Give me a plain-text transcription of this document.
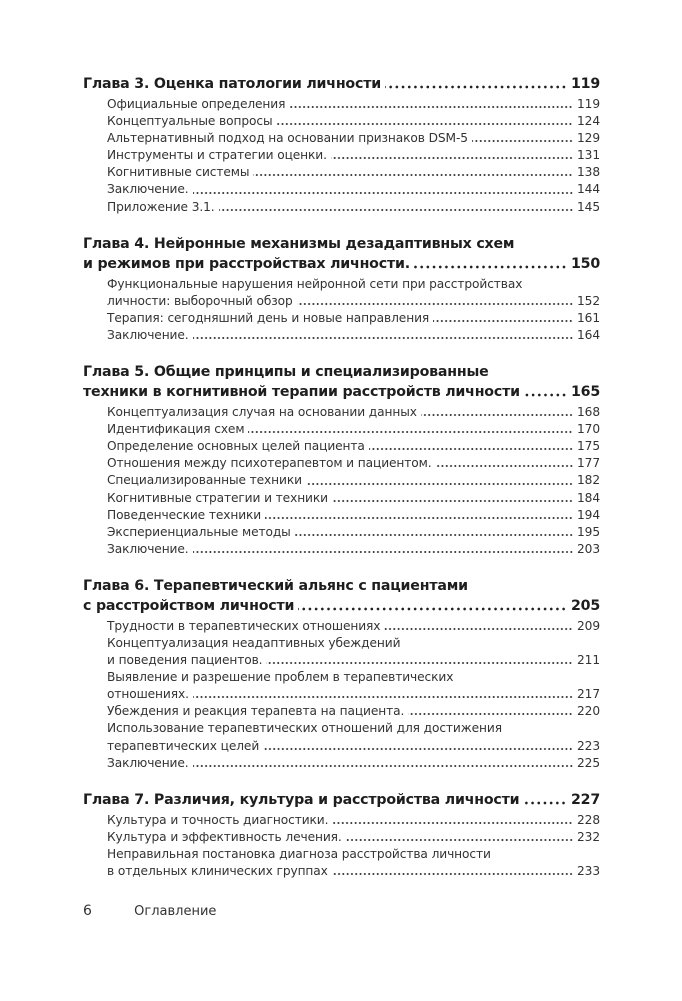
Глава 3. Оценка патологии личности	119
Официальные определения	119
Концептуальные вопросы	124
Альтернативный подход на основании признаков DSM-5	129
Инструменты и стратегии оценки.	131
Когнитивные системы	138
Заключение.	144
Приложение 3.1.	145
Глава 4. Нейронные механизмы дезадаптивных схем
и режимов при расстройствах личности.	150
Функциональные нарушения нейронной сети при расстройствах
личности: выборочный обзор	152
Терапия: сегодняшний день и новые направления	161
Заключение.	164
Глава 5. Общие принципы и специализированные
техники в когнитивной терапии расстройств личности	165
Концептуализация случая на основании данных	168
Идентификация схем	170
Определение основных целей пациента	175
Отношения между психотерапевтом и пациентом.	177
Специализированные техники	182
Когнитивные стратегии и техники	184
Поведенческие техники	194
Экспериенциальные методы	195
Заключение.	203
Глава 6. Терапевтический альянс с пациентами
с расстройством личности	205
Трудности в терапевтических отношениях	209
Концептуализация неадаптивных убеждений
и поведения пациентов.	211
Выявление и разрешение проблем в терапевтических
отношениях.	217
Убеждения и реакция терапевта на пациента.	220
Использование терапевтических отношений для достижения
терапевтических целей	223
Заключение.	225
Глава 7. Различия, культура и расстройства личности	227
Культура и точность диагностики.	228
Культура и эффективность лечения.	232
Неправильная постановка диагноза расстройства личности
в отдельных клинических группах	233
6	Оглавление
